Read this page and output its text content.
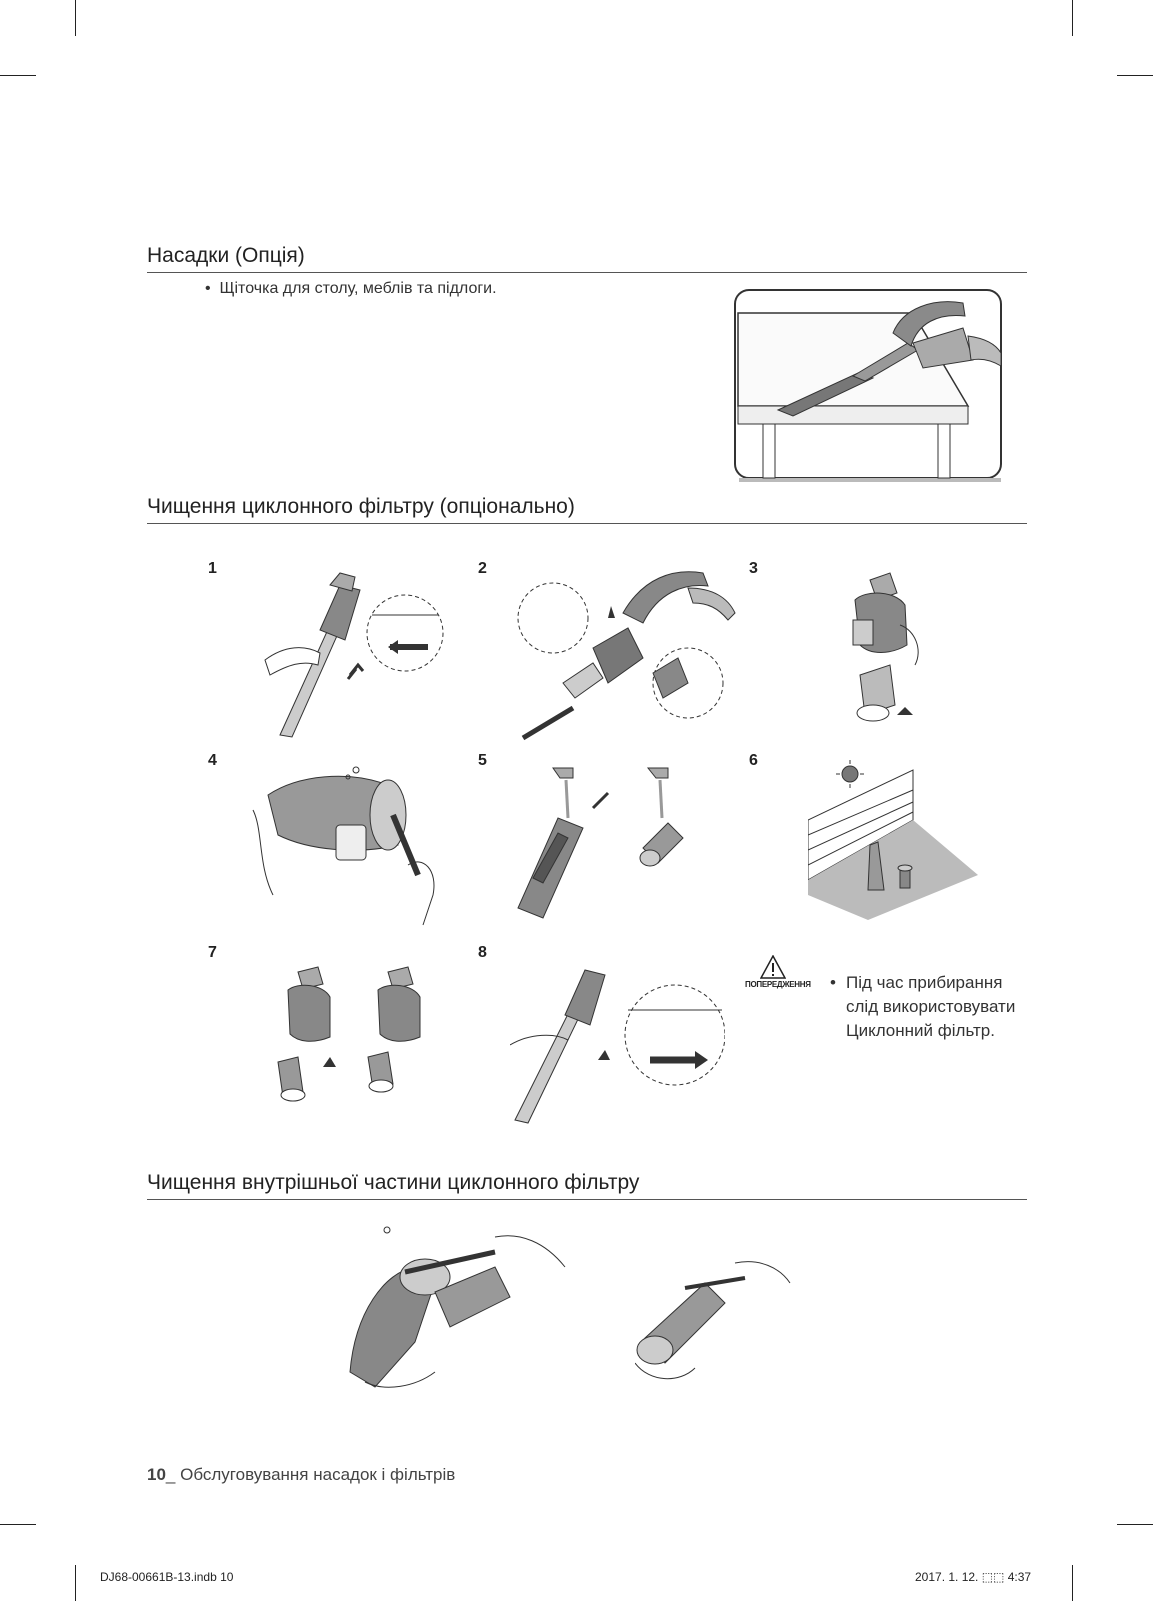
Насадки (Опція)
• Щіточка для столу, меблів та підлоги.
Чищення циклонного фільтру (опціонально)
1	2	3
4	5	6
7	8
ПОПЕРЕДЖЕННЯ • Під час прибирання слід використовувати Циклонний фільтр.
Чищення внутрішньої частини циклонного фільтру
10_ Обслуговування насадок і фільтрів
DJ68-00661B-13.indb 10	2017. 1. 12. ⬚⬚ 4:37
